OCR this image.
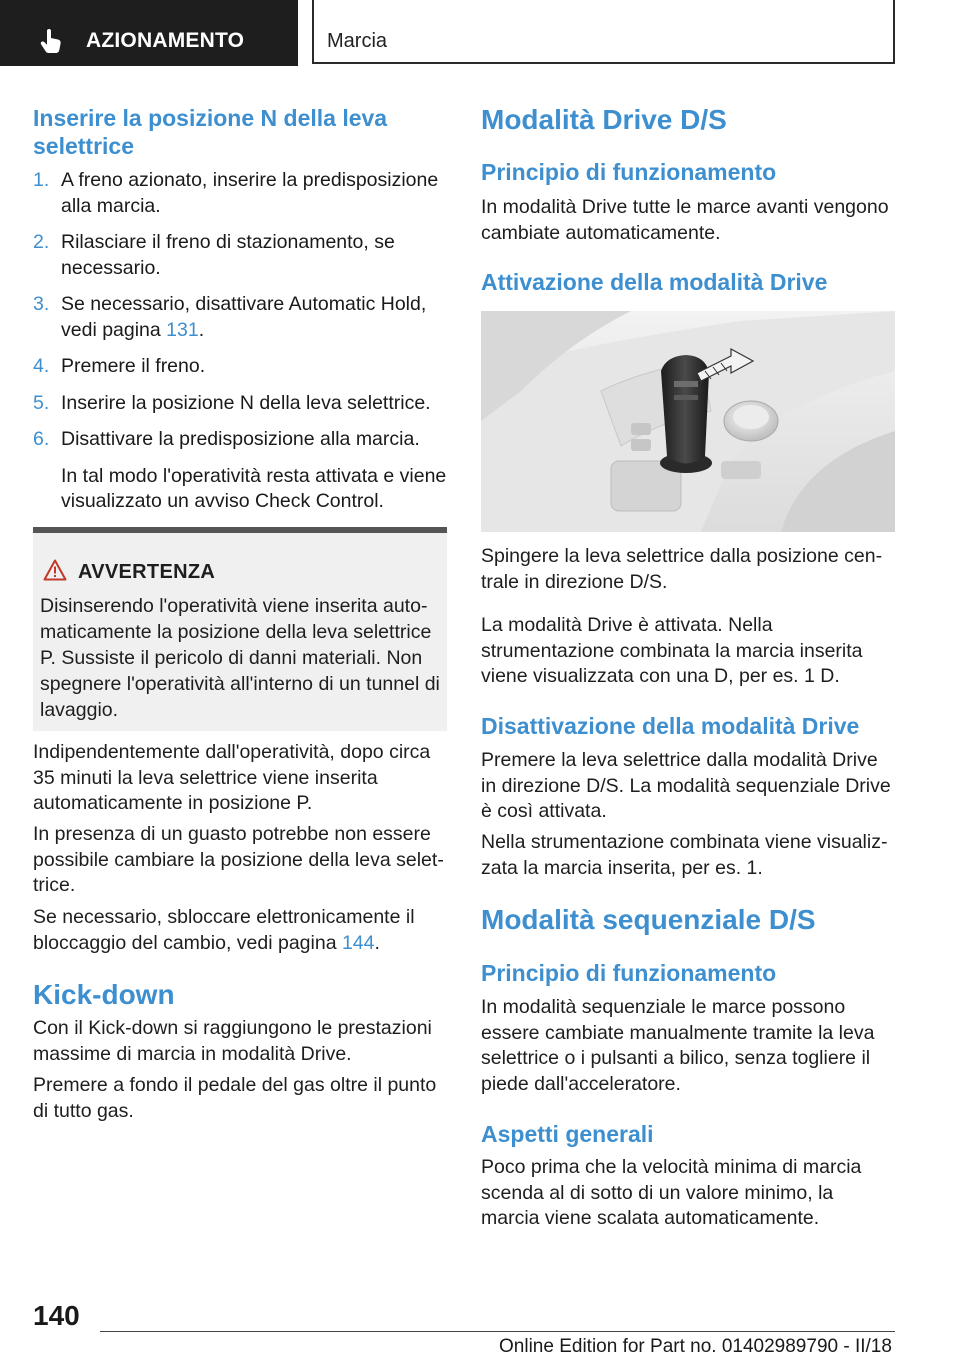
AZIONAMENTO	Marcia
Inserire la posizione N della leva selettrice
1. A freno azionato, inserire la predisposizione alla marcia.
2. Rilasciare il freno di stazionamento, se necessario.
3. Se necessario, disattivare Automatic Hold, vedi pagina 131.
4. Premere il freno.
5. Inserire la posizione N della leva selettrice.
6. Disattivare la predisposizione alla marcia.
In tal modo l'operatività resta attivata e viene visualizzato un avviso Check Control.
AVVERTENZA
Disinserendo l'operatività viene inserita automaticamente la posizione della leva selettrice P. Sussiste il pericolo di danni materiali. Non spegnere l'operatività all'interno di un tunnel di lavaggio.
Indipendentemente dall'operatività, dopo circa 35 minuti la leva selettrice viene inserita automaticamente in posizione P.
In presenza di un guasto potrebbe non essere possibile cambiare la posizione della leva selettrice.
Se necessario, sbloccare elettronicamente il bloccaggio del cambio, vedi pagina 144.
Kick-down
Con il Kick-down si raggiungono le prestazioni massime di marcia in modalità Drive.
Premere a fondo il pedale del gas oltre il punto di tutto gas.
Modalità Drive D/S
Principio di funzionamento
In modalità Drive tutte le marce avanti vengono cambiate automaticamente.
Attivazione della modalità Drive
Spingere la leva selettrice dalla posizione centrale in direzione D/S.
La modalità Drive è attivata. Nella strumentazione combinata la marcia inserita viene visualizzata con una D, per es. 1 D.
Disattivazione della modalità Drive
Premere la leva selettrice dalla modalità Drive in direzione D/S. La modalità sequenziale Drive è così attivata.
Nella strumentazione combinata viene visualizzata la marcia inserita, per es. 1.
Modalità sequenziale D/S
Principio di funzionamento
In modalità sequenziale le marce possono essere cambiate manualmente tramite la leva selettrice o i pulsanti a bilico, senza togliere il piede dall'acceleratore.
Aspetti generali
Poco prima che la velocità minima di marcia scenda al di sotto di un valore minimo, la marcia viene scalata automaticamente.
140
Online Edition for Part no. 01402989790 - II/18
